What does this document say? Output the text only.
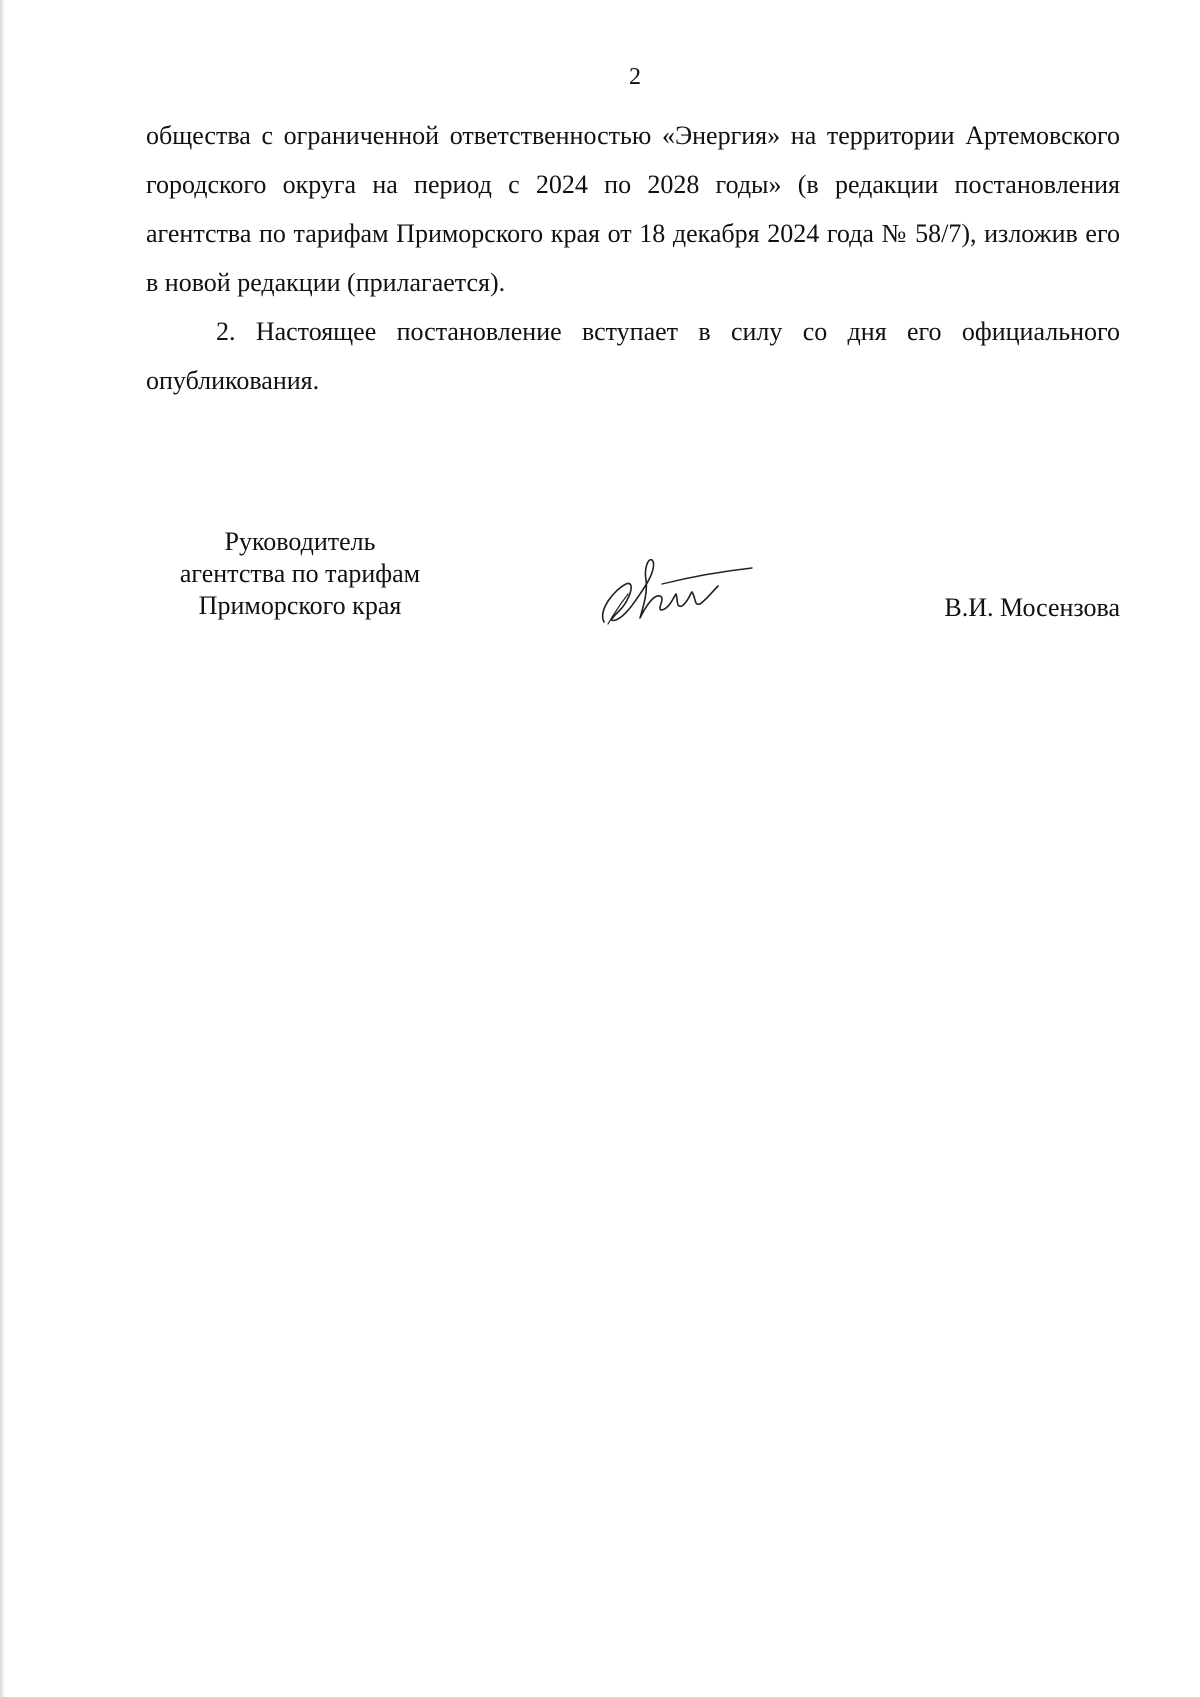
2

общества с ограниченной ответственностью «Энергия» на территории Артемовского городского округа на период с 2024 по 2028 годы» (в редакции постановления агентства по тарифам Приморского края от 18 декабря 2024 года № 58/7), изложив его в новой редакции (прилагается).

2. Настоящее постановление вступает в силу со дня его официального опубликования.

Руководитель
агентства по тарифам
Приморского края	В.И. Мосензова
